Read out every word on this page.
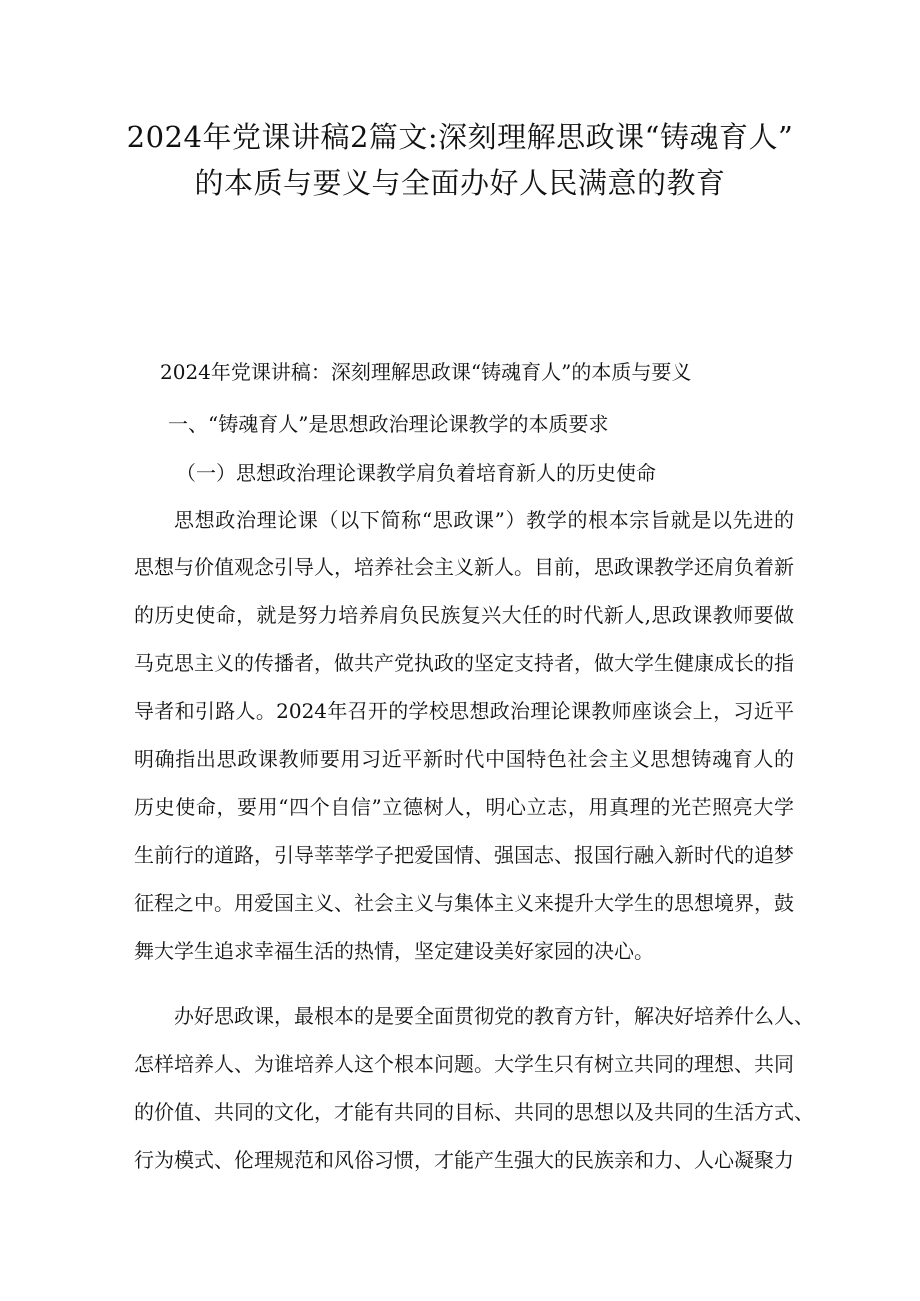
2024年党课讲稿2篇文:深刻理解思政课“铸魂育人”
的本质与要义与全面办好人民满意的教育
2024年党课讲稿：深刻理解思政课“铸魂育人”的本质与要义
一、“铸魂育人”是思想政治理论课教学的本质要求
（一）思想政治理论课教学肩负着培育新人的历史使命

思想政治理论课（以下简称“思政课”）教学的根本宗旨就是以先进的

思想与价值观念引导人，培养社会主义新人。目前，思政课教学还肩负着新

的历史使命，就是努力培养肩负民族复兴大任的时代新人,思政课教师要做

马克思主义的传播者，做共产党执政的坚定支持者，做大学生健康成长的指

导者和引路人。2024年召开的学校思想政治理论课教师座谈会上，习近平

明确指出思政课教师要用习近平新时代中国特色社会主义思想铸魂育人的

历史使命，要用“四个自信”立德树人，明心立志，用真理的光芒照亮大学

生前行的道路，引导莘莘学子把爱国情、强国志、报国行融入新时代的追梦

征程之中。用爱国主义、社会主义与集体主义来提升大学生的思想境界，鼓

舞大学生追求幸福生活的热情，坚定建设美好家园的决心。

办好思政课，最根本的是要全面贯彻党的教育方针，解决好培养什么人、

怎样培养人、为谁培养人这个根本问题。大学生只有树立共同的理想、共同

的价值、共同的文化，才能有共同的目标、共同的思想以及共同的生活方式、

行为模式、伦理规范和风俗习惯，才能产生强大的民族亲和力、人心凝聚力
